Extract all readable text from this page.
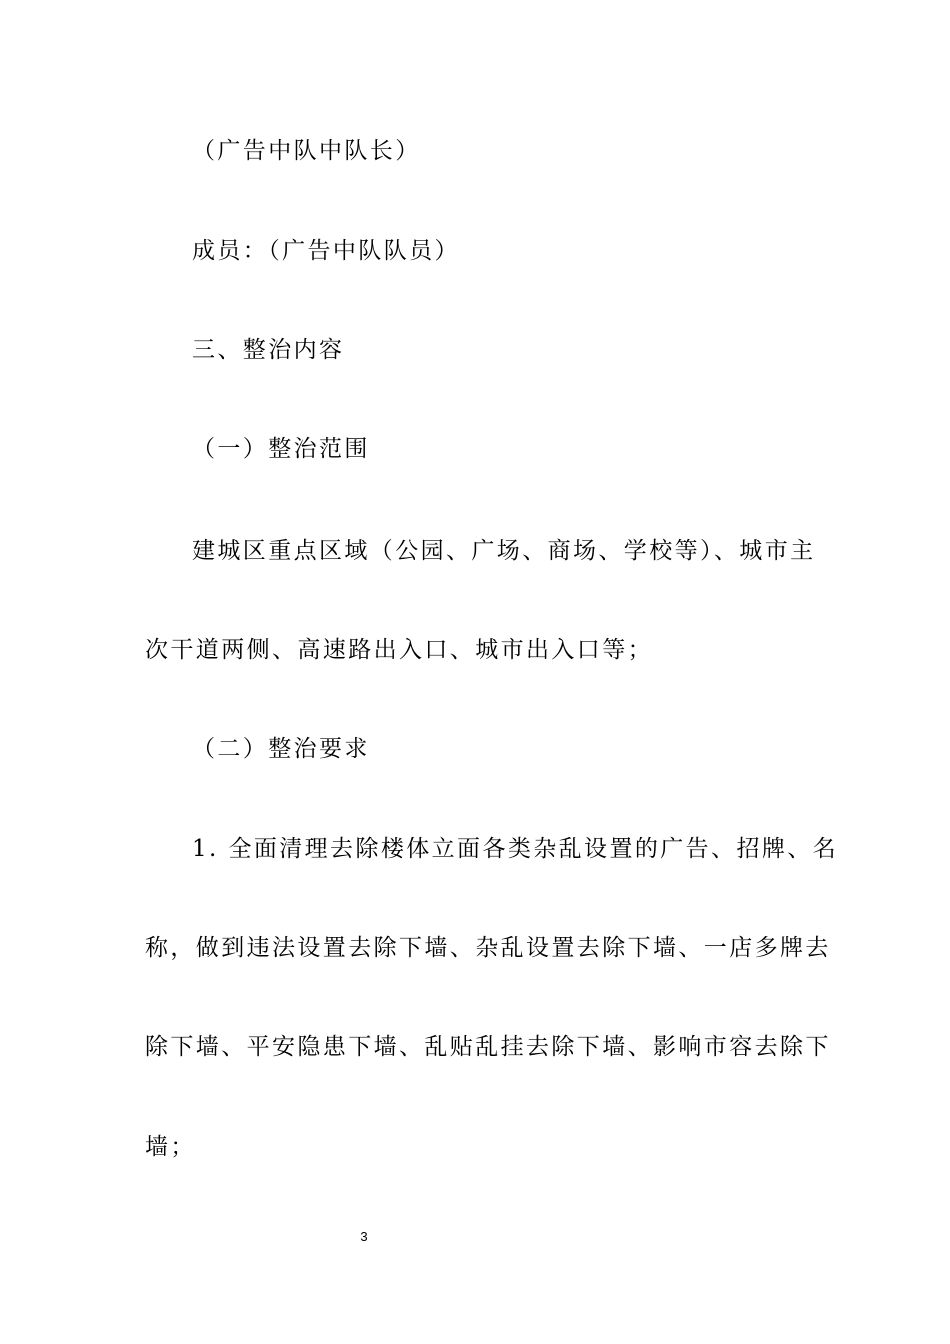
（广告中队中队长）

成员：（广告中队队员）

三、整治内容

（一）整治范围

建城区重点区域（公园、广场、商场、学校等）、城市主

次干道两侧、高速路出入口、城市出入口等；

（二）整治要求

1. 全面清理去除楼体立面各类杂乱设置的广告、招牌、名

称，做到违法设置去除下墙、杂乱设置去除下墙、一店多牌去

除下墙、平安隐患下墙、乱贴乱挂去除下墙、影响市容去除下

墙；

3
